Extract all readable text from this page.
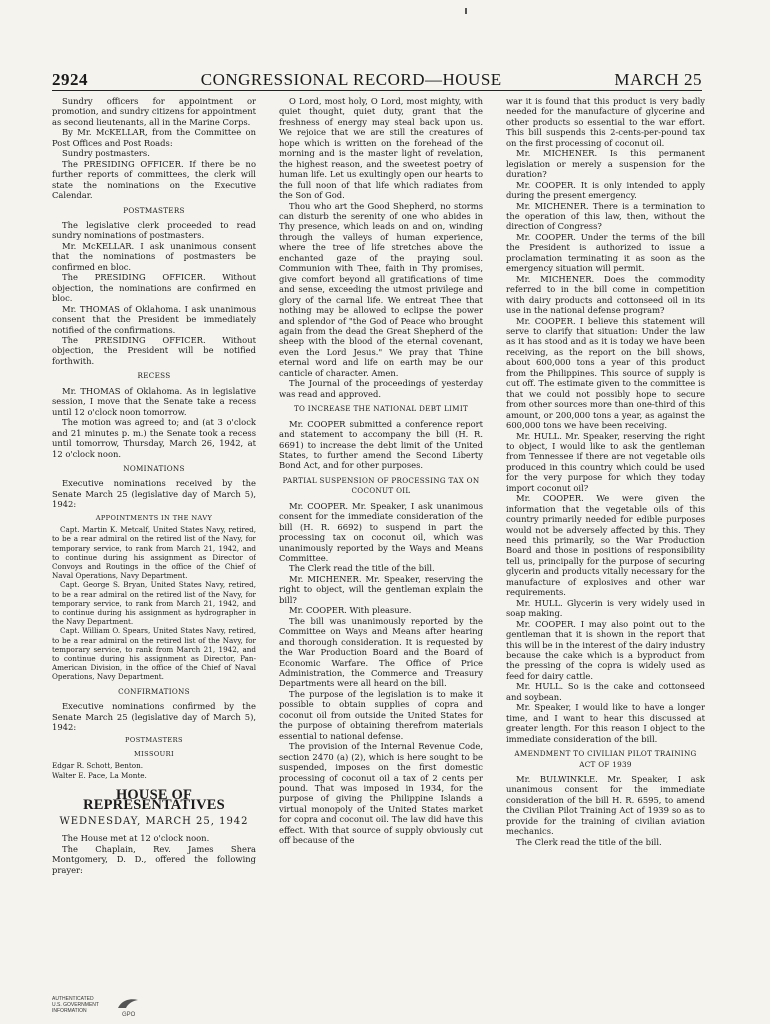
2924	CONGRESSIONAL RECORD—HOUSE	MARCH 25

Sundry officers for appointment or promotion, and sundry citizens for appointment as second lieutenants, all in the Marine Corps.

By Mr. McKELLAR, from the Committee on Post Offices and Post Roads:

Sundry postmasters.

The PRESIDING OFFICER. If there be no further reports of committees, the clerk will state the nominations on the Executive Calendar.

POSTMASTERS

The legislative clerk proceeded to read sundry nominations of postmasters.

Mr. McKELLAR. I ask unanimous consent that the nominations of postmasters be confirmed en bloc.

The PRESIDING OFFICER. Without objection, the nominations are confirmed en bloc.

Mr. THOMAS of Oklahoma. I ask unanimous consent that the President be immediately notified of the confirmations.

The PRESIDING OFFICER. Without objection, the President will be notified forthwith.

RECESS

Mr. THOMAS of Oklahoma. As in legislative session, I move that the Senate take a recess until 12 o'clock noon tomorrow.

The motion was agreed to; and (at 3 o'clock and 21 minutes p. m.) the Senate took a recess until tomorrow, Thursday, March 26, 1942, at 12 o'clock noon.

NOMINATIONS

Executive nominations received by the Senate March 25 (legislative day of March 5), 1942:

APPOINTMENTS IN THE NAVY

Capt. Martin K. Metcalf, United States Navy, retired, to be a rear admiral on the retired list of the Navy, for temporary service, to rank from March 21, 1942, and to continue during his assignment as Director of Convoys and Routings in the office of the Chief of Naval Operations, Navy Department.

Capt. George S. Bryan, United States Navy, retired, to be a rear admiral on the retired list of the Navy, for temporary service, to rank from March 21, 1942, and to continue during his assignment as hydrographer in the Navy Department.

Capt. William O. Spears, United States Navy, retired, to be a rear admiral on the retired list of the Navy, for temporary service, to rank from March 21, 1942, and to continue during his assignment as Director, Pan-American Division, in the office of the Chief of Naval Operations, Navy Department.

CONFIRMATIONS

Executive nominations confirmed by the Senate March 25 (legislative day of March 5), 1942:

POSTMASTERS
MISSOURI

Edgar R. Schott, Benton.

Walter E. Pace, La Monte.

HOUSE OF REPRESENTATIVES
WEDNESDAY, MARCH 25, 1942

The House met at 12 o'clock noon.

The Chaplain, Rev. James Shera Montgomery, D. D., offered the following prayer:

O Lord, most holy, O Lord, most mighty, with quiet thought, quiet duty, grant that the freshness of energy may steal back upon us. We rejoice that we are still the creatures of hope which is written on the forehead of the morning and is the master light of revelation, the highest reason, and the sweetest poetry of human life. Let us exultingly open our hearts to the full noon of that life which radiates from the Son of God.

Thou who art the Good Shepherd, no storms can disturb the serenity of one who abides in Thy presence, which leads on and on, winding through the valleys of human experience, where the tree of life stretches above the enchanted gaze of the praying soul. Communion with Thee, faith in Thy promises, give comfort beyond all gratifications of time and sense, exceeding the utmost privilege and glory of the carnal life. We entreat Thee that nothing may be allowed to eclipse the power and splendor of "the God of Peace who brought again from the dead the Great Shepherd of the sheep with the blood of the eternal covenant, even the Lord Jesus." We pray that Thine eternal word and life on earth may be our canticle of character. Amen.

The Journal of the proceedings of yesterday was read and approved.

TO INCREASE THE NATIONAL DEBT LIMIT

Mr. COOPER submitted a conference report and statement to accompany the bill (H. R. 6691) to increase the debt limit of the United States, to further amend the Second Liberty Bond Act, and for other purposes.

PARTIAL SUSPENSION OF PROCESSING TAX ON COCONUT OIL

Mr. COOPER. Mr. Speaker, I ask unanimous consent for the immediate consideration of the bill (H. R. 6692) to suspend in part the processing tax on coconut oil, which was unanimously reported by the Ways and Means Committee.

The Clerk read the title of the bill.

Mr. MICHENER. Mr. Speaker, reserving the right to object, will the gentleman explain the bill?

Mr. COOPER. With pleasure.

The bill was unanimously reported by the Committee on Ways and Means after hearing and thorough consideration. It is requested by the War Production Board and the Board of Economic Warfare. The Office of Price Administration, the Commerce and Treasury Departments were all heard on the bill.

The purpose of the legislation is to make it possible to obtain supplies of copra and coconut oil from outside the United States for the purpose of obtaining therefrom materials essential to national defense.

The provision of the Internal Revenue Code, section 2470 (a) (2), which is here sought to be suspended, imposes on the first domestic processing of coconut oil a tax of 2 cents per pound. That was imposed in 1934, for the purpose of giving the Philippine Islands a virtual monopoly of the United States market for copra and coconut oil. The law did have this effect. With that source of supply obviously cut off because of the

war it is found that this product is very badly needed for the manufacture of glycerine and other products so essential to the war effort. This bill suspends this 2-cents-per-pound tax on the first processing of coconut oil.

Mr. MICHENER. Is this permanent legislation or merely a suspension for the duration?

Mr. COOPER. It is only intended to apply during the present emergency.

Mr. MICHENER. There is a termination to the operation of this law, then, without the direction of Congress?

Mr. COOPER. Under the terms of the bill the President is authorized to issue a proclamation terminating it as soon as the emergency situation will permit.

Mr. MICHENER. Does the commodity referred to in the bill come in competition with dairy products and cottonseed oil in its use in the national defense program?

Mr. COOPER. I believe this statement will serve to clarify that situation: Under the law as it has stood and as it is today we have been receiving, as the report on the bill shows, about 600,000 tons a year of this product from the Philippines. This source of supply is cut off. The estimate given to the committee is that we could not possibly hope to secure from other sources more than one-third of this amount, or 200,000 tons a year, as against the 600,000 tons we have been receiving.

Mr. HULL. Mr. Speaker, reserving the right to object, I would like to ask the gentleman from Tennessee if there are not vegetable oils produced in this country which could be used for the very purpose for which they today import coconut oil?

Mr. COOPER. We were given the information that the vegetable oils of this country primarily needed for edible purposes would not be adversely affected by this. They need this primarily, so the War Production Board and those in positions of responsibility tell us, principally for the purpose of securing glycerin and products vitally necessary for the manufacture of explosives and other war requirements.

Mr. HULL. Glycerin is very widely used in soap making.

Mr. COOPER. I may also point out to the gentleman that it is shown in the report that this will be in the interest of the dairy industry because the cake which is a byproduct from the pressing of the copra is widely used as feed for dairy cattle.

Mr. HULL. So is the cake and cottonseed and soybean.

Mr. Speaker, I would like to have a longer time, and I want to hear this discussed at greater length. For this reason I object to the immediate consideration of the bill.

AMENDMENT TO CIVILIAN PILOT TRAINING ACT OF 1939

Mr. BULWINKLE. Mr. Speaker, I ask unanimous consent for the immediate consideration of the bill H. R. 6595, to amend the Civilian Pilot Training Act of 1939 so as to provide for the training of civilian aviation mechanics.

The Clerk read the title of the bill.

AUTHENTICATED
U.S. GOVERNMENT
INFORMATION
GPO
